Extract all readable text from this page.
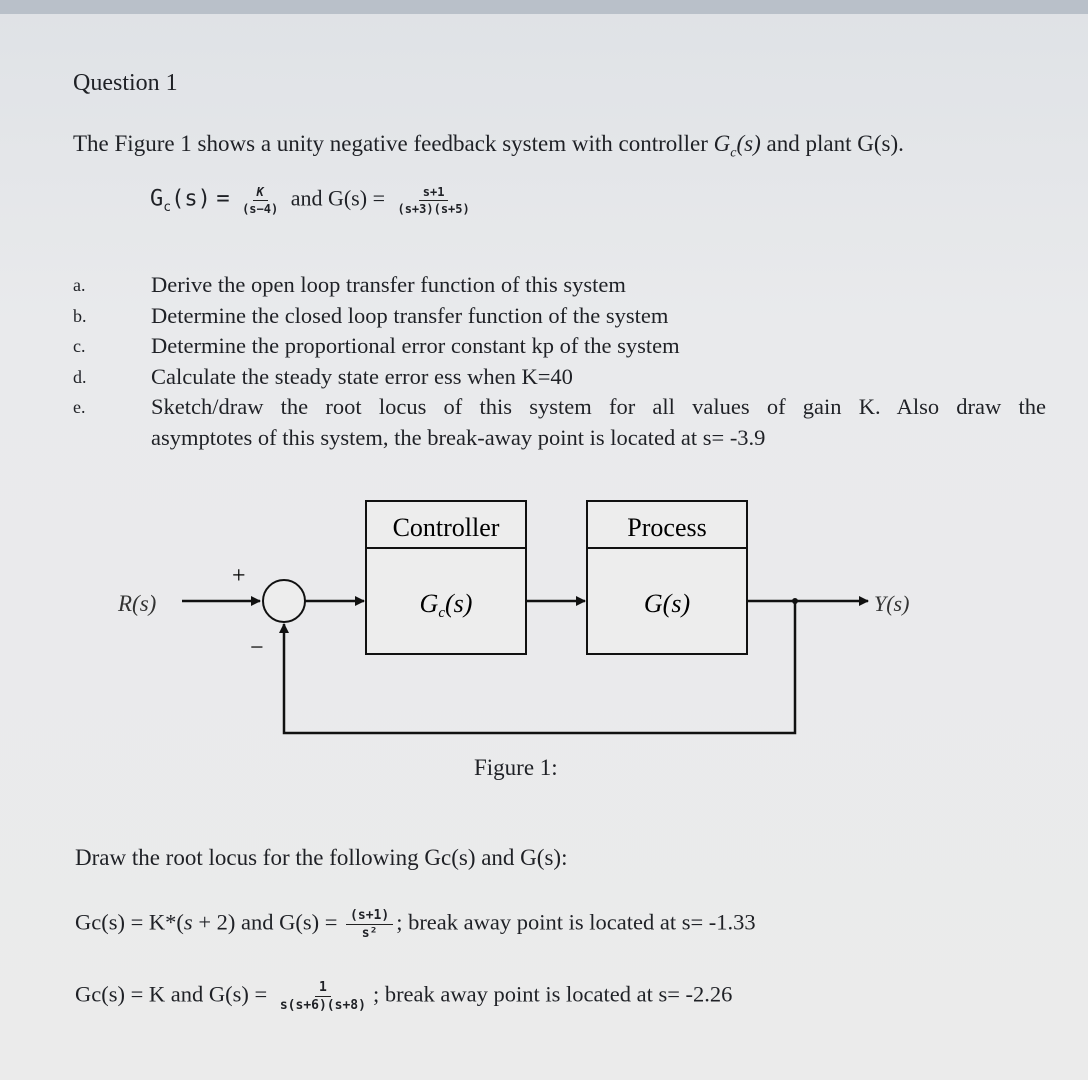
Question 1
The Figure 1 shows a unity negative feedback system with controller $G_c(s)$ and plant G(s).
$G_c(s) = \frac{K}{(s-4)}$ and $G(s) = \frac{s+1}{(s+3)(s+5)}$
a.	Derive the open loop transfer function of this system
b.	Determine the closed loop transfer function of the system
c.	Determine the proportional error constant kp of the system
d.	Calculate the steady state error ess when K=40
e.	Sketch/draw the root locus of this system for all values of gain K. Also draw the
asymptotes of this system, the break-away point is located at s= -3.9
Controller	Process
Gc(s)	G(s)
R(s)	Y(s)
+
−
Figure 1:
Draw the root locus for the following Gc(s) and G(s):
Gc(s) = K*(s + 2) and $G(s) = \frac{(s+1)}{\text{s²}}$ ; break away point is located at s= -1.33
Gc(s) = K and $G(s) = \frac{1}{s(s+6)(s+8)}$ ; break away point is located at s= -2.26
